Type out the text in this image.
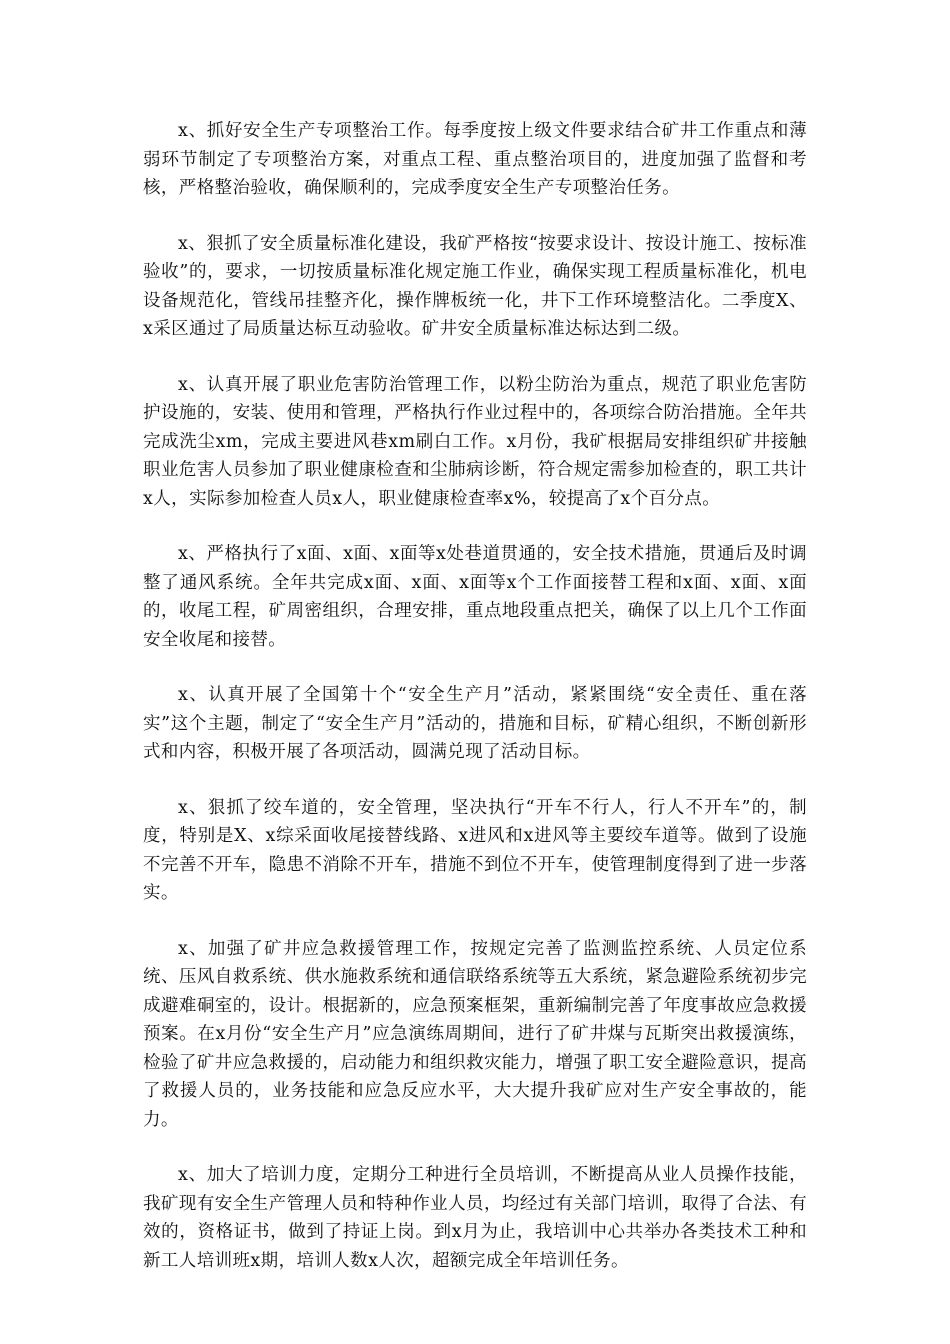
x、抓好安全生产专项整治工作。每季度按上级文件要求结合矿井工作重点和薄弱环节制定了专项整治方案，对重点工程、重点整治项目的，进度加强了监督和考核，严格整治验收，确保顺利的，完成季度安全生产专项整治任务。

x、狠抓了安全质量标准化建设，我矿严格按“按要求设计、按设计施工、按标准验收”的，要求，一切按质量标准化规定施工作业，确保实现工程质量标准化，机电设备规范化，管线吊挂整齐化，操作牌板统一化，井下工作环境整洁化。二季度X、x采区通过了局质量达标互动验收。矿井安全质量标准达标达到二级。

x、认真开展了职业危害防治管理工作，以粉尘防治为重点，规范了职业危害防护设施的，安装、使用和管理，严格执行作业过程中的，各项综合防治措施。全年共完成洗尘xm，完成主要进风巷xm刷白工作。x月份，我矿根据局安排组织矿井接触职业危害人员参加了职业健康检查和尘肺病诊断，符合规定需参加检查的，职工共计x人，实际参加检查人员x人，职业健康检查率x%，较提高了x个百分点。

x、严格执行了x面、x面、x面等x处巷道贯通的，安全技术措施，贯通后及时调整了通风系统。全年共完成x面、x面、x面等x个工作面接替工程和x面、x面、x面的，收尾工程，矿周密组织，合理安排，重点地段重点把关，确保了以上几个工作面安全收尾和接替。

x、认真开展了全国第十个“安全生产月”活动，紧紧围绕“安全责任、重在落实”这个主题，制定了“安全生产月”活动的，措施和目标，矿精心组织，不断创新形式和内容，积极开展了各项活动，圆满兑现了活动目标。

x、狠抓了绞车道的，安全管理，坚决执行“开车不行人，行人不开车”的，制度，特别是X、x综采面收尾接替线路、x进风和x进风等主要绞车道等。做到了设施不完善不开车，隐患不消除不开车，措施不到位不开车，使管理制度得到了进一步落实。

x、加强了矿井应急救援管理工作，按规定完善了监测监控系统、人员定位系统、压风自救系统、供水施救系统和通信联络系统等五大系统，紧急避险系统初步完成避难硐室的，设计。根据新的，应急预案框架，重新编制完善了年度事故应急救援预案。在x月份“安全生产月”应急演练周期间，进行了矿井煤与瓦斯突出救援演练，检验了矿井应急救援的，启动能力和组织救灾能力，增强了职工安全避险意识，提高了救援人员的，业务技能和应急反应水平，大大提升我矿应对生产安全事故的，能力。

x、加大了培训力度，定期分工种进行全员培训，不断提高从业人员操作技能，我矿现有安全生产管理人员和特种作业人员，均经过有关部门培训，取得了合法、有效的，资格证书，做到了持证上岗。到x月为止，我培训中心共举办各类技术工种和新工人培训班x期，培训人数x人次，超额完成全年培训任务。
